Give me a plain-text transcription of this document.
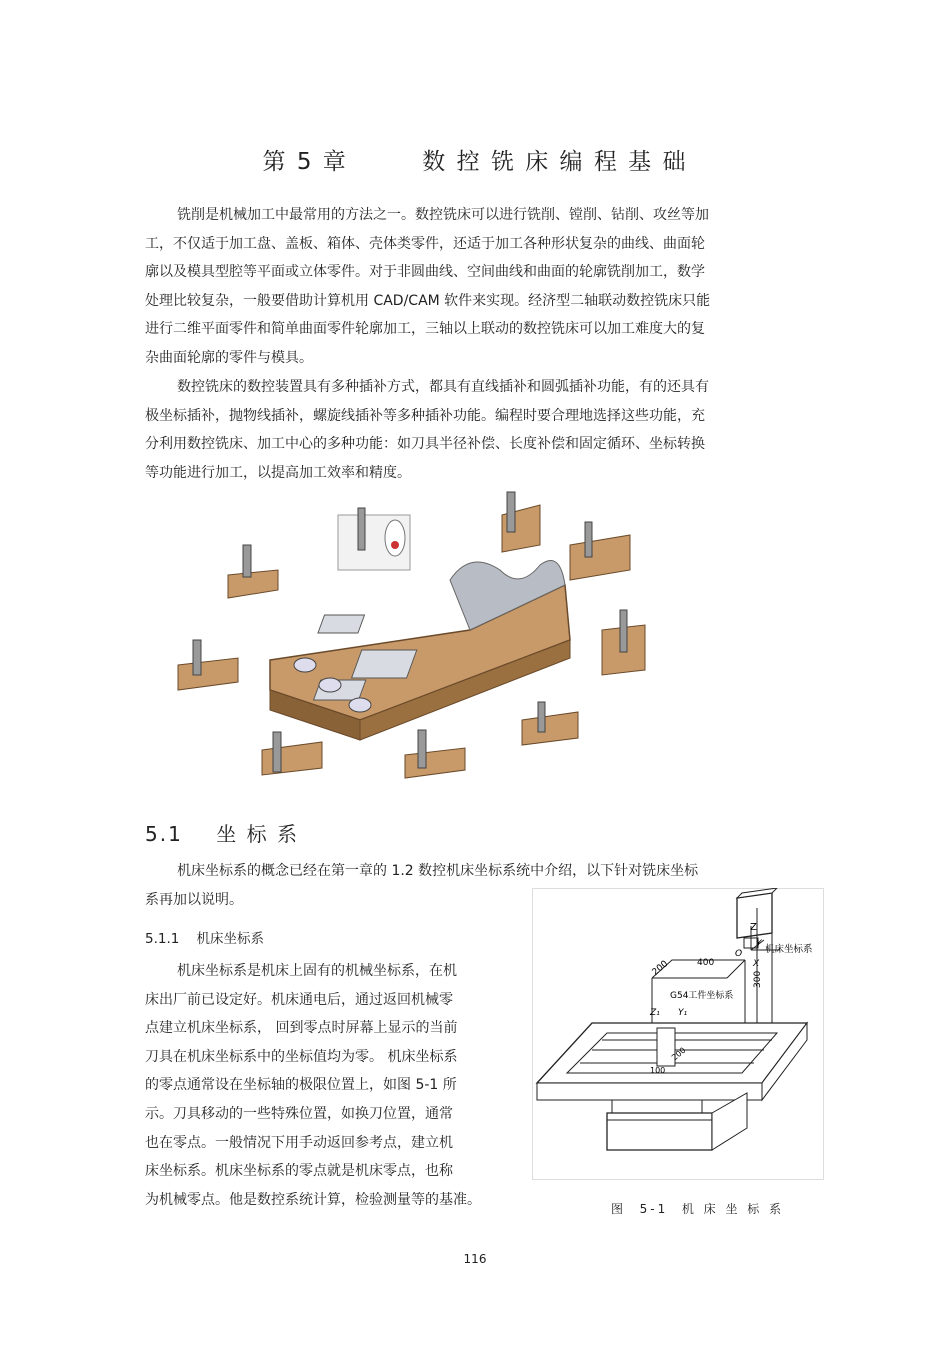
第 5 章        数 控 铣 床 编 程 基 础

铣削是机械加工中最常用的方法之一。数控铣床可以进行铣削、镗削、钻削、攻丝等加

工，不仅适于加工盘、盖板、箱体、壳体类零件，还适于加工各种形状复杂的曲线、曲面轮

廓以及模具型腔等平面或立体零件。对于非圆曲线、空间曲线和曲面的轮廓铣削加工，数学

处理比较复杂，一般要借助计算机用 CAD/CAM 软件来实现。经济型二轴联动数控铣床只能

进行二维平面零件和简单曲面零件轮廓加工，三轴以上联动的数控铣床可以加工难度大的复

杂曲面轮廓的零件与模具。

数控铣床的数控装置具有多种插补方式，都具有直线插补和圆弧插补功能，有的还具有

极坐标插补，抛物线插补，螺旋线插补等多种插补功能。编程时要合理地选择这些功能，充

分利用数控铣床、加工中心的多种功能：如刀具半径补偿、长度补偿和固定循环、坐标转换

等功能进行加工，以提高加工效率和精度。

5.1    坐 标 系

机床坐标系的概念已经在第一章的 1.2 数控机床坐标系统中介绍，以下针对铣床坐标

系再加以说明。

5.1.1    机床坐标系

机床坐标系是机床上固有的机械坐标系，在机

床出厂前已设定好。机床通电后，通过返回机械零

点建立机床坐标系， 回到零点时屏幕上显示的当前

刀具在机床坐标系中的坐标值均为零。 机床坐标系

的零点通常设在坐标轴的极限位置上，如图 5-1 所

示。刀具移动的一些特殊位置，如换刀位置，通常

也在零点。一般情况下用手动返回参考点，建立机

床坐标系。机床坐标系的零点就是机床零点，也称

为机械零点。他是数控系统计算，检验测量等的基准。

Z
Y
O
X
机床坐标系
200	400
300
G54工件坐标系
Z₁ Y₁
100
200
图  5-1  机 床 坐 标 系
116
